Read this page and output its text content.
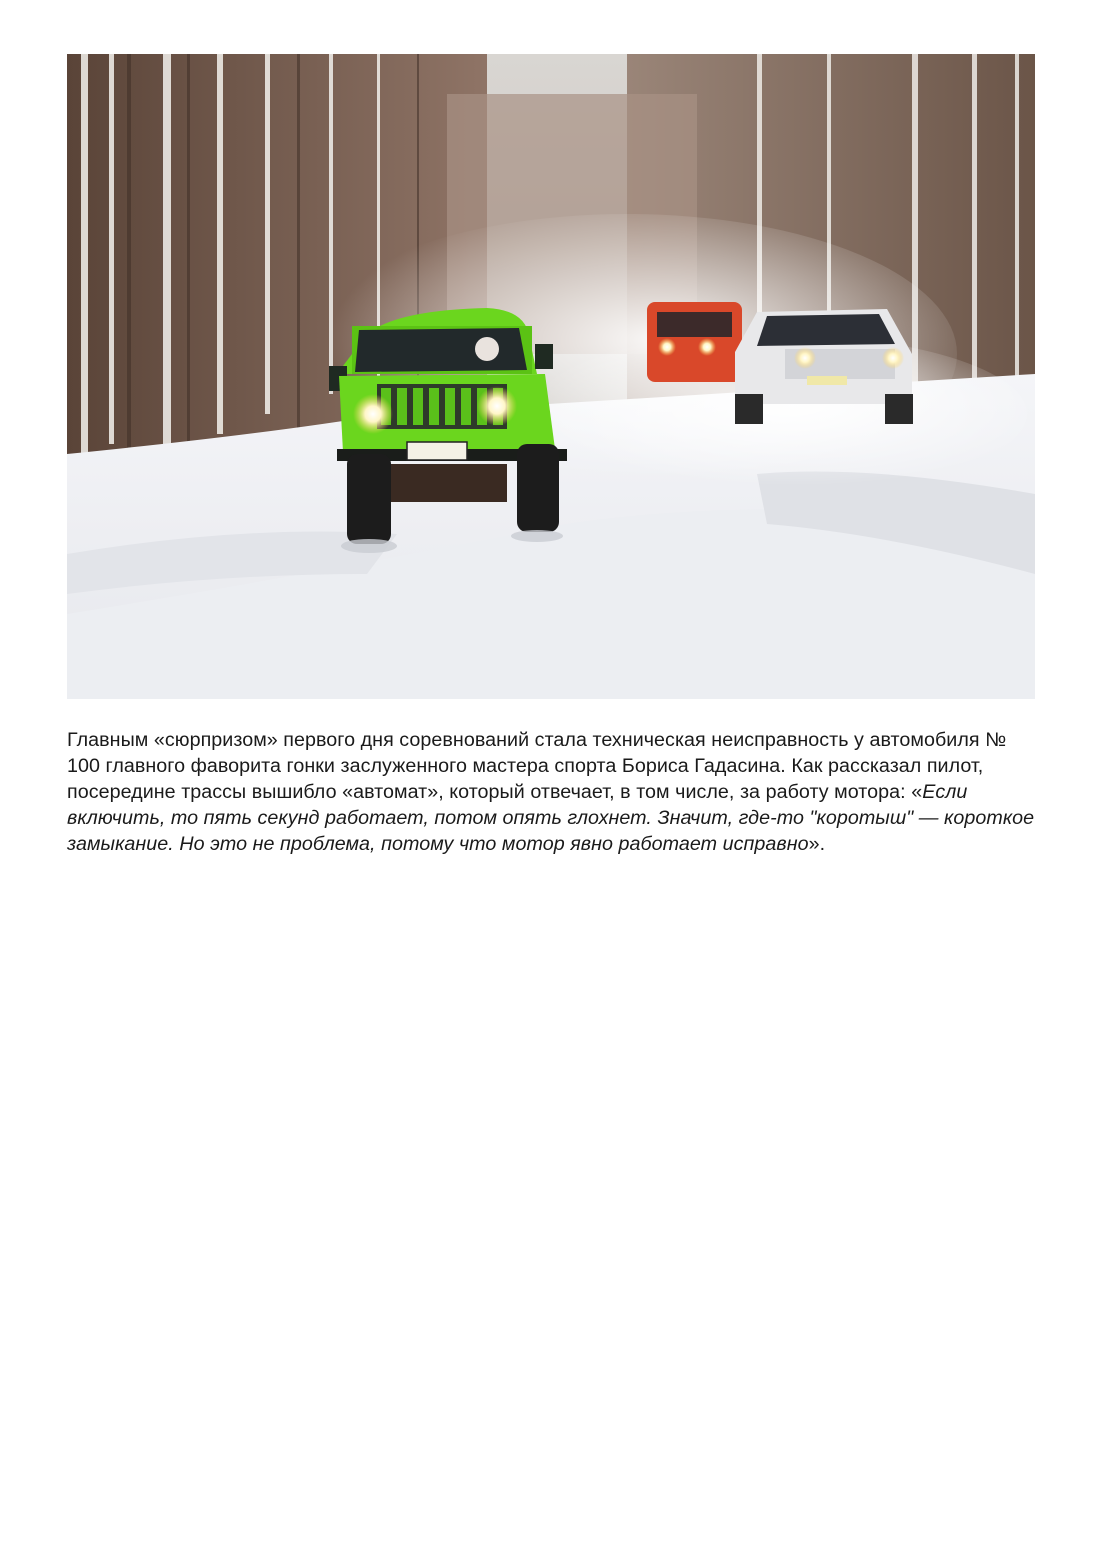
Главным «сюрпризом» первого дня соревнований стала техническая неисправность у автомобиля № 100 главного фаворита гонки заслуженного мастера спорта Бориса Гадасина. Как рассказал пилот, посередине трассы вышибло «автомат», который отвечает, в том числе, за работу мотора: «Если включить, то пять секунд работает, потом опять глохнет. Значит, где-то "коротыш" — короткое замыкание. Но это не проблема, потому что мотор явно работает исправно».
